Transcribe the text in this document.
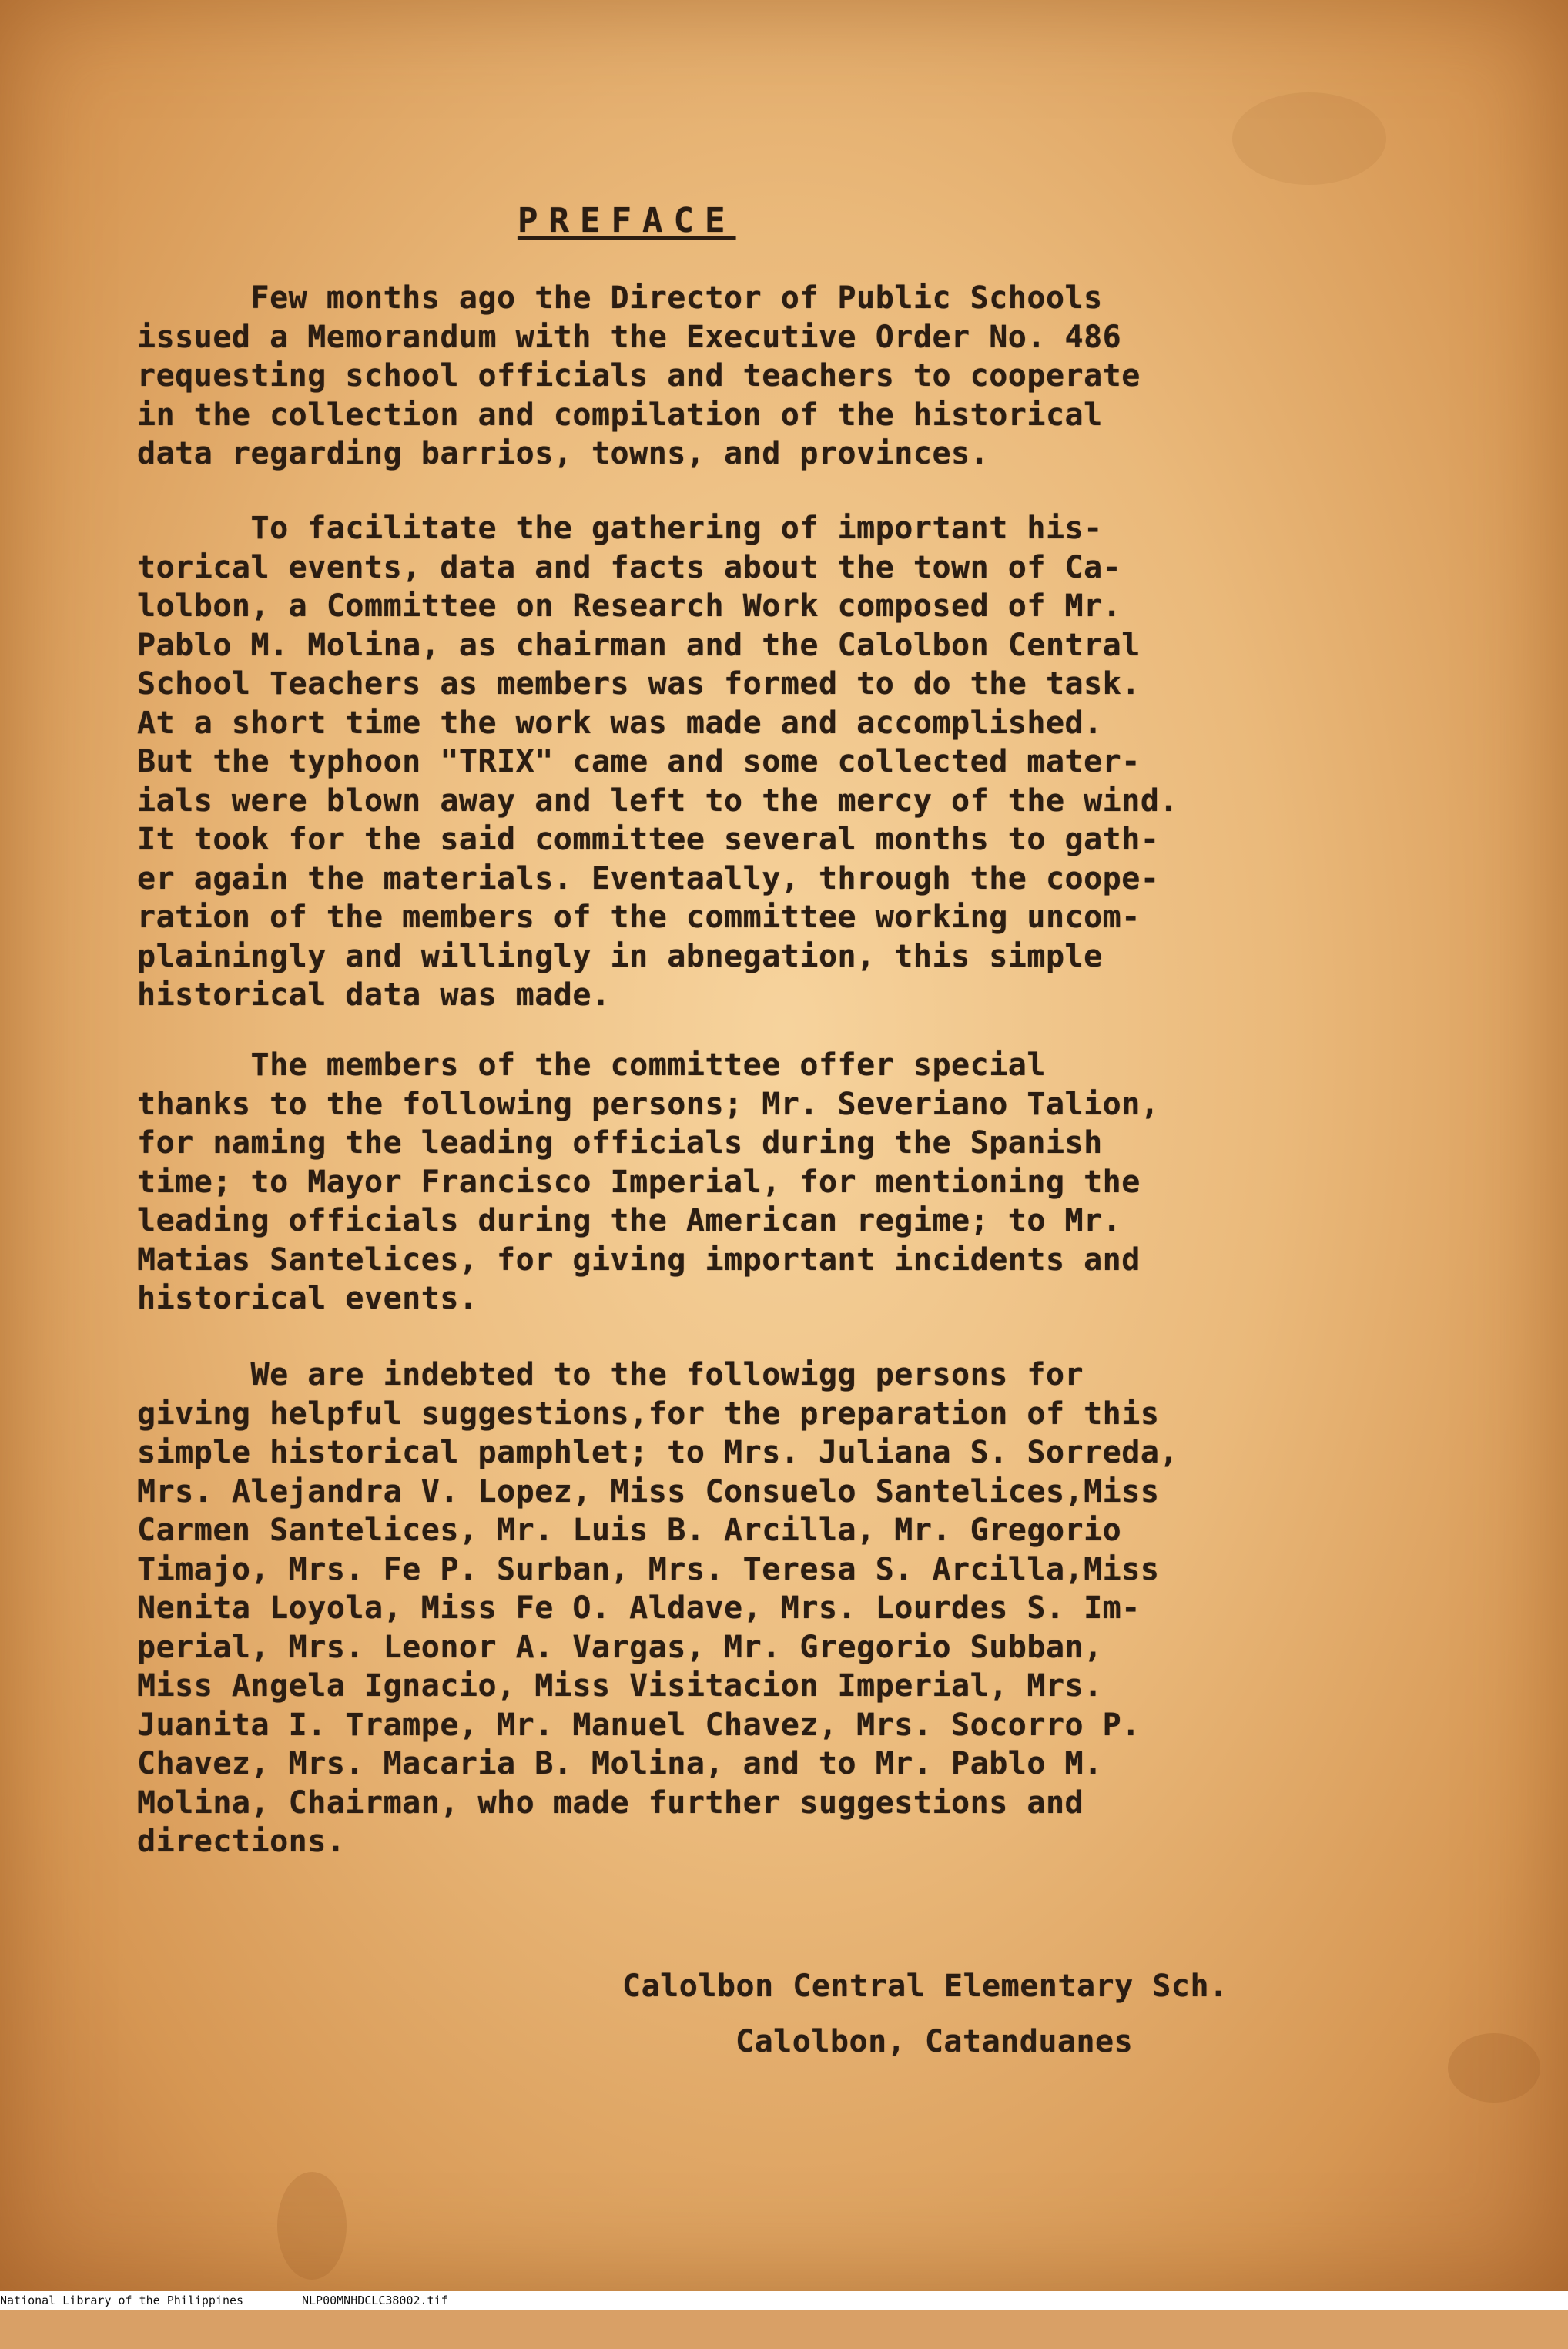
PREFACE

Few months ago the Director of Public Schools
issued a Memorandum with the Executive Order No. 486
requesting school officials and teachers to cooperate
in the collection and compilation of the historical
data regarding barrios, towns, and provinces.

To facilitate the gathering of important his-
torical events, data and facts about the town of Ca-
lolbon, a Committee on Research Work composed of Mr.
Pablo M. Molina, as chairman and the Calolbon Central
School Teachers as members was formed to do the task.
At a short time the work was made and accomplished.
But the typhoon "TRIX" came and some collected mater-
ials were blown away and left to the mercy of the wind.
It took for the said committee several months to gath-
er again the materials. Eventaally, through the coope-
ration of the members of the committee working uncom-
plainingly and willingly in abnegation, this simple
historical data was made.

The members of the committee offer special
thanks to the following persons; Mr. Severiano Talion,
for naming the leading officials during the Spanish
time; to Mayor Francisco Imperial, for mentioning the
leading officials during the American regime; to Mr.
Matias Santelices, for giving important incidents and
historical events.

We are indebted to the followigg persons for
giving helpful suggestions,for the preparation of this
simple historical pamphlet; to Mrs. Juliana S. Sorreda,
Mrs. Alejandra V. Lopez, Miss Consuelo Santelices,Miss
Carmen Santelices, Mr. Luis B. Arcilla, Mr. Gregorio
Timajo, Mrs. Fe P. Surban, Mrs. Teresa S. Arcilla,Miss
Nenita Loyola, Miss Fe O. Aldave, Mrs. Lourdes S. Im-
perial, Mrs. Leonor A. Vargas, Mr. Gregorio Subban,
Miss Angela Ignacio, Miss Visitacion Imperial, Mrs.
Juanita I. Trampe, Mr. Manuel Chavez, Mrs. Socorro P.
Chavez, Mrs. Macaria B. Molina, and to Mr. Pablo M.
Molina, Chairman, who made further suggestions and
directions.

Calolbon Central Elementary Sch.

Calolbon, Catanduanes

National Library of the Philippines

	NLP00MNHDCLC38002.tif
